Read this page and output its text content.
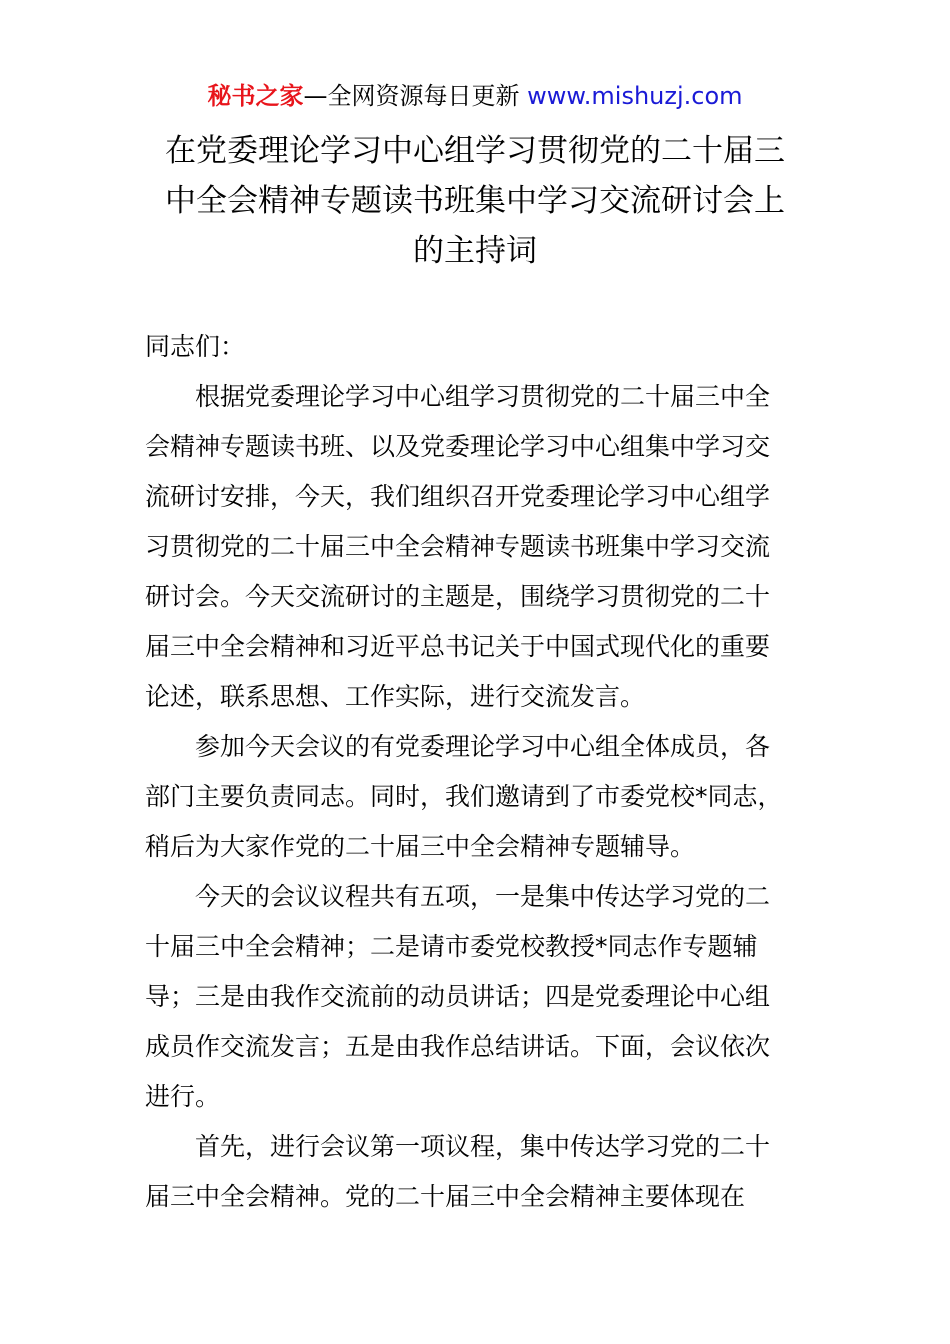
秘书之家—全网资源每日更新 www.mishuzj.com
在党委理论学习中心组学习贯彻党的二十届三
中全会精神专题读书班集中学习交流研讨会上
的主持词

同志们：

根据党委理论学习中心组学习贯彻党的二十届三中全
会精神专题读书班、以及党委理论学习中心组集中学习交
流研讨安排，今天，我们组织召开党委理论学习中心组学
习贯彻党的二十届三中全会精神专题读书班集中学习交流
研讨会。今天交流研讨的主题是，围绕学习贯彻党的二十
届三中全会精神和习近平总书记关于中国式现代化的重要
论述，联系思想、工作实际，进行交流发言。

参加今天会议的有党委理论学习中心组全体成员，各
部门主要负责同志。同时，我们邀请到了市委党校*同志，
稍后为大家作党的二十届三中全会精神专题辅导。

今天的会议议程共有五项，一是集中传达学习党的二
十届三中全会精神；二是请市委党校教授*同志作专题辅
导；三是由我作交流前的动员讲话；四是党委理论中心组
成员作交流发言；五是由我作总结讲话。下面，会议依次
进行。

首先，进行会议第一项议程，集中传达学习党的二十
届三中全会精神。党的二十届三中全会精神主要体现在
